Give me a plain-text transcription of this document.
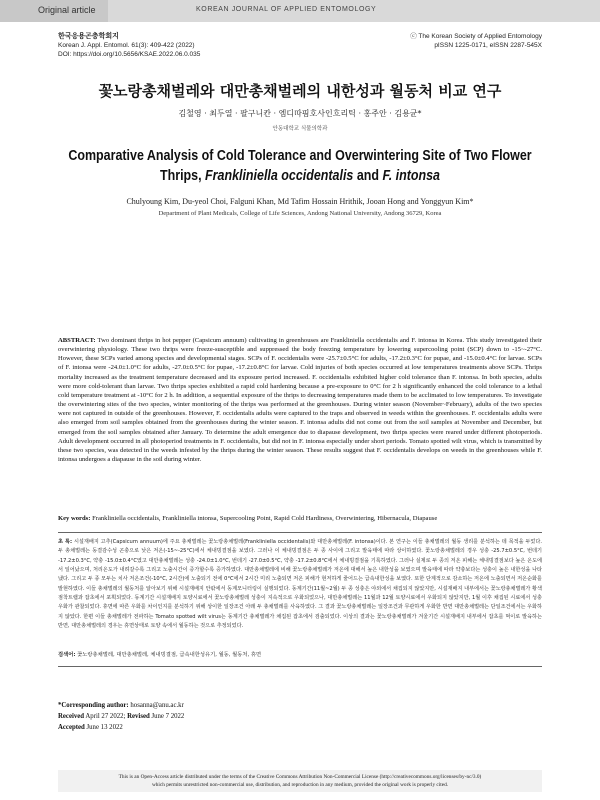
Original article	KOREAN JOURNAL OF APPLIED ENTOMOLOGY
한국응용곤충학회지
Korean J. Appl. Entomol. 61(3): 409-422 (2022)
DOI: https://doi.org/10.5656/KSAE.2022.06.0.035
ⓒ The Korean Society of Applied Entomology
pISSN 1225-0171, eISSN 2287-545X
꽃노랑총채벌레와 대만총채벌레의 내한성과 월동처 비교 연구
김철영 · 최두열 · 팔구니칸 · 엠디따핌호사인흐리틱 · 홍주안 · 김용균*
안동대학교 식물의학과
Comparative Analysis of Cold Tolerance and Overwintering Site of Two Flower
Thrips, Frankliniella occidentalis and F. intonsa
Chulyoung Kim, Du-yeol Choi, Falguni Khan, Md Tafim Hossain Hrithik, Jooan Hong and Yonggyun Kim*
Department of Plant Medicals, College of Life Sciences, Andong National University, Andong 36729, Korea
ABSTRACT: Two dominant thrips in hot pepper (Capsicum annuum) cultivating in greenhouses are Frankliniella occidentalis and F. intonsa in Korea. This study investigated their overwintering physiology. These two thrips were freeze-susceptible and suppressed the body freezing temperature by lowering supercooling point (SCP) down to -15~-27°C. However, these SCPs varied among species and developmental stages. SCPs of F. occidentalis were -25.7±0.5°C for adults, -17.2±0.3°C for pupae, and -15.0±0.4°C for larvae. SCPs of F. intonsa were -24.0±1.0°C for adults, -27.0±0.5°C for pupae, -17.2±0.8°C for larvae. Cold injuries of both species occurred at low temperatures treatments above SCPs. Thrips mortality increased as the treatment temperature decreased and its exposure period increased. F. occidentalis exhibited higher cold tolerance than F. intonsa. In both species, adults were more cold-tolerant than larvae. Two thrips species exhibited a rapid cold hardening because a pre-exposure to 0°C for 2 h significantly enhanced the cold tolerance to a lethal cold temperature treatment at -10°C for 2 h. In addition, a sequential exposure of the thrips to decreasing temperatures made them to be acclimated to low temperatures. To investigate the overwintering sites of the two species, winter monitoring of the thrips was performed at the greenhouses. During winter season (November~February), adults of the two species were not captured in outside of the greenhouses. However, F. occidentalis adults were captured to the traps and observed in weeds within the greenhouses. F. occidentalis adults were also emerged from soil samples obtained from the greenhouses during the winter season. F. intonsa adults did not come out from the soil samples at November and December, but emerged from the soil samples obtained after January. To determine the adult emergence due to diapause development, two thrips species were reared under different photoperiods. Adult development occurred in all photoperiod treatments in F. occidentalis, but did not in F. intonsa especially under short periods. Tomato spotted wilt virus, which is transmitted by these two species, was detected in the weeds infested by the thrips during the winter season. These results suggest that F. occidentalis develops on weeds in the greenhouses while F. intonsa undergoes a diapause in the soil during winter.
Key words: Frankliniella occidentalis, Frankliniella intonsa, Supercooling Point, Rapid Cold Hardiness, Overwintering, Hibernacula, Diapause
초 록: 시설재배지 고추(Capsicum annuum)에 주요 총채벌레는 꽃노랑총채벌레(Frankliniella occidentalis)와 대만총채벌레(F. intonsa)이다. 본 연구는 이들 총채벌레의 월동 생리를 분석하는 데 목적을 두었다. 두 총채벌레는 동결감수성 곤충으로 낮은 저온(-15~-25°C)에서 체내빙결점을 보였다. 그러나 이 체내빙결점은 두 종 사이에 그리고 발육태에 따라 상이하였다. 꽃노랑총채벌레의 경우 성충 -25.7±0.5°C, 번데기 -17.2±0.3°C, 약충 -15.0±0.4°C였고 대만총채벌레는 성충 -24.0±1.0°C, 번데기 -27.0±0.5°C, 약충 -17.2±0.8°C에서 체내빙결점을 기록하였다. 그러나 실제로 두 종의 저온 피해는 체내빙결점보다 높은 온도에서 일어났으며, 처리온도가 내려갈수록 그리고 노출시간이 증가할수록 증가하였다. 대만총채벌레에 비해 꽃노랑총채벌레가 저온에 대해서 높은 내한성을 보였으며 발육태에 따라 약충보다는 성충이 높은 내한성을 나타냈다. 그리고 두 종 모두는 치사 저온조건(-10°C, 2시간)에 노출되기 전에 0°C에서 2시간 미리 노출되면 저온 피해가 현저하게 줄어드는 급속내한성을 보였다. 또한 단계적으로 감소하는 저온에 노출되면서 저온순화를 발현하였다. 이들 총채벌레의 월동처를 알아보기 위해 시설재배지 안팎에서 동계모니터링이 실행되었다. 동계기간(11월~2월) 두 종 성충은 야외에서 채집되지 않았지만, 시설재배지 내부에서는 꽃노랑총채벌레가 황색점착트랩과 잡초에서 포획되었다. 동계기간 시설재배지 토양시료에서 꽃노랑총채벌레 성충이 지속적으로 우화되었으나, 대만총채벌레는 11월과 12월 토양시료에서 우화되지 않았지만, 1월 이후 채집된 시료에서 성충 우화가 관찰되었다. 휴면에 따른 우화를 차이인지를 분석하기 위해 상이한 일장조건 아래 두 총채벌레를 사육하였다. 그 결과 꽃노랑총채벌레는 일장조건과 무관하게 우화한 반면 대만총채벌레는 단일조건에서는 우화하지 않았다. 한편 이들 총채벌레가 전파하는 Tomato spotted wilt virus는 동계기간 총채벌레가 채집된 잡초에서 검출되었다. 이상의 결과는 꽃노랑총채벌레가 겨울기간 시설재배지 내부에서 잡초를 먹이로 발육하는 반면, 대만총채벌레의 경우는 휴면상태로 토양 속에서 월동하는 것으로 추정되었다.
검색어: 꽃노랑총채벌레, 대만총채벌레, 체내빙결점, 급속내한성유기, 월동, 월동처, 휴면
*Corresponding author: hosanna@anu.ac.kr
Received April 27 2022; Revised June 7 2022
Accepted June 13 2022
This is an Open-Access article distributed under the terms of the Creative Commons Attribution Non-Commercial License (http://creativecommons.org/licenses/by-nc/3.0)
which permits unrestricted non-commercial use, distribution, and reproduction in any medium, provided the original work is properly cited.
